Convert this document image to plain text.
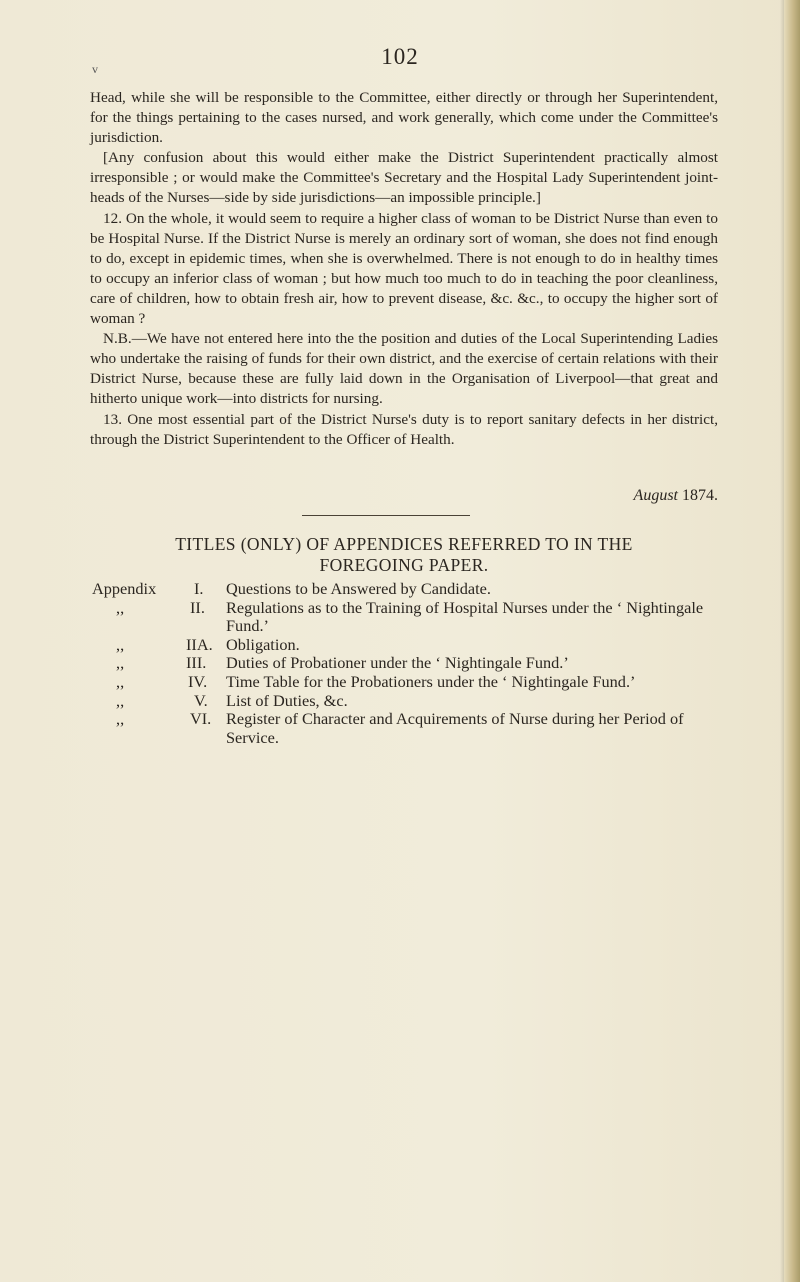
v	102

Head, while she will be responsible to the Committee, either directly or through her Superintendent, for the things pertaining to the cases nursed, and work generally, which come under the Committee's jurisdiction.

[Any confusion about this would either make the District Superintendent practically almost irresponsible ; or would make the Committee's Secretary and the Hospital Lady Superintendent joint-heads of the Nurses—side by side jurisdictions—an impossible principle.]

12. On the whole, it would seem to require a higher class of woman to be District Nurse than even to be Hospital Nurse. If the District Nurse is merely an ordinary sort of woman, she does not find enough to do, except in epidemic times, when she is overwhelmed. There is not enough to do in healthy times to occupy an inferior class of woman ; but how much too much to do in teaching the poor cleanliness, care of children, how to obtain fresh air, how to prevent disease, &c. &c., to occupy the higher sort of woman ?

N.B.—We have not entered here into the the position and duties of the Local Superintending Ladies who undertake the raising of funds for their own district, and the exercise of certain relations with their District Nurse, because these are fully laid down in the Organisation of Liverpool—that great and hitherto unique work—into districts for nursing.

13. One most essential part of the District Nurse's duty is to report sanitary defects in her district, through the District Superintendent to the Officer of Health.

August 1874.
TITLES (ONLY) OF APPENDICES REFERRED TO IN THE
FOREGOING PAPER.
Appendix	I.	Questions to be Answered by Candidate.
,,	II.	Regulations as to the Training of Hospital Nurses under the ‘ Nightingale Fund.’
,,	IIA. Obligation.
,,	III.	Duties of Probationer under the ‘ Nightingale Fund.’
,,	IV.	Time Table for the Probationers under the ‘ Nightingale Fund.’
,,	V.	List of Duties, &c.
,,	VI. Register of Character and Acquirements of Nurse during her Period of Service.
